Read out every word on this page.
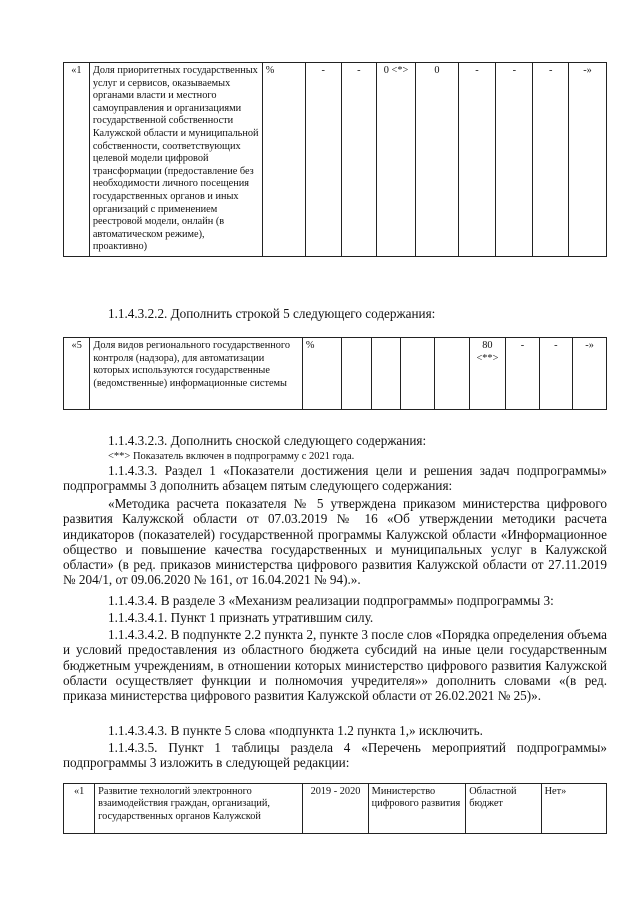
«1	Доля приоритетных государственных услуг и сервисов, оказываемых органами власти и местного самоуправления и организациями государственной собственности Калужской области и муниципальной собственности, соответствующих целевой модели цифровой трансформации (предоставление без необходимости личного посещения государственных органов и иных организаций с применением реестровой модели, онлайн (в автоматическом режиме), проактивно)	%	-	-	0 <*>	0	-	-	-	-»
1.1.4.3.2.2. Дополнить строкой 5 следующего содержания:
«5	Доля видов регионального государственного контроля (надзора), для автоматизации которых используются государственные (ведомственные) информационные системы	%					80 <**>	-	-	-»
1.1.4.3.2.3. Дополнить сноской следующего содержания:
<**> Показатель включен в подпрограмму с 2021 года.
1.1.4.3.3. Раздел 1 «Показатели достижения цели и решения задач подпрограммы» подпрограммы 3 дополнить абзацем пятым следующего содержания:
«Методика расчета показателя № 5 утверждена приказом министерства цифрового развития Калужской области от 07.03.2019 № 16 «Об утверждении методики расчета индикаторов (показателей) государственной программы Калужской области «Информационное общество и повышение качества государственных и муниципальных услуг в Калужской области» (в ред. приказов министерства цифрового развития Калужской области от 27.11.2019 № 204/1, от 09.06.2020 № 161, от 16.04.2021 № 94).».
1.1.4.3.4. В разделе 3 «Механизм реализации подпрограммы» подпрограммы 3:
1.1.4.3.4.1. Пункт 1 признать утратившим силу.
1.1.4.3.4.2. В подпункте 2.2 пункта 2, пункте 3 после слов «Порядка определения объема и условий предоставления из областного бюджета субсидий на иные цели государственным бюджетным учреждениям, в отношении которых министерство цифрового развития Калужской области осуществляет функции и полномочия учредителя»» дополнить словами «(в ред. приказа министерства цифрового развития Калужской области от 26.02.2021 № 25)».
1.1.4.3.4.3. В пункте 5 слова «подпункта 1.2 пункта 1,» исключить.
1.1.4.3.5. Пункт 1 таблицы раздела 4 «Перечень мероприятий подпрограммы» подпрограммы 3 изложить в следующей редакции:
«1	Развитие технологий электронного взаимодействия граждан, организаций, государственных органов Калужской	2019 - 2020	Министерство цифрового развития	Областной бюджет	Нет»
